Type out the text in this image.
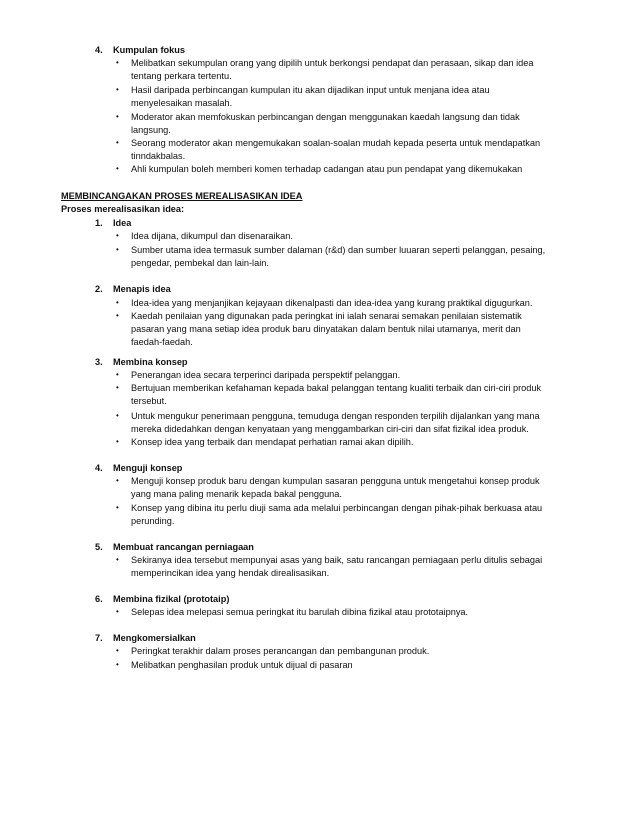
4. Kumpulan fokus
• Melibatkan sekumpulan orang yang dipilih untuk berkongsi pendapat dan perasaan, sikap dan idea
tentang perkara tertentu.
• Hasil daripada perbincangan kumpulan itu akan dijadikan input untuk menjana idea atau
menyelesaikan masalah.
• Moderator akan memfokuskan perbincangan dengan menggunakan kaedah langsung dan tidak
langsung.
• Seorang moderator akan mengemukakan soalan-soalan mudah kepada peserta untuk mendapatkan
tinndakbalas.
• Ahli kumpulan boleh memberi komen terhadap cadangan atau pun pendapat yang dikemukakan
MEMBINCANGAKAN PROSES MEREALISASIKAN IDEA
Proses merealisasikan idea:
1. Idea
• Idea dijana, dikumpul dan disenaraikan.
• Sumber utama idea termasuk sumber dalaman (r&d) dan sumber luuaran seperti pelanggan, pesaing,
pengedar, pembekal dan lain-lain.
2. Menapis idea
• Idea-idea yang menjanjikan kejayaan dikenalpasti dan idea-idea yang kurang praktikal digugurkan.
• Kaedah penilaian yang digunakan pada peringkat ini ialah senarai semakan penilaian sistematik
pasaran yang mana setiap idea produk baru dinyatakan dalam bentuk nilai utamanya, merit dan
faedah-faedah.
3. Membina konsep
• Penerangan idea secara terperinci daripada perspektif pelanggan.
• Bertujuan memberikan kefahaman kepada bakal pelanggan tentang kualiti terbaik dan ciri-ciri produk
tersebut.
• Untuk mengukur penerimaan pengguna, temuduga dengan responden terpilih dijalankan yang mana
mereka didedahkan dengan kenyataan yang menggambarkan ciri-ciri dan sifat fizikal idea produk.
• Konsep idea yang terbaik dan mendapat perhatian ramai akan dipilih.
4. Menguji konsep
• Menguji konsep produk baru dengan kumpulan sasaran pengguna untuk mengetahui konsep produk
yang mana paling menarik kepada bakal pengguna.
• Konsep yang dibina itu perlu diuji sama ada melalui perbincangan dengan pihak-pihak berkuasa atau
perunding.
5. Membuat rancangan perniagaan
• Sekiranya idea tersebut mempunyai asas yang baik, satu rancangan perniagaan perlu ditulis sebagai
memperincikan idea yang hendak direalisasikan.
6. Membina fizikal (prototaip)
• Selepas idea melepasi semua peringkat itu barulah dibina fizikal atau prototaipnya.
7. Mengkomersialkan
• Peringkat terakhir dalam proses perancangan dan pembangunan produk.
• Melibatkan penghasilan produk untuk dijual di pasaran
